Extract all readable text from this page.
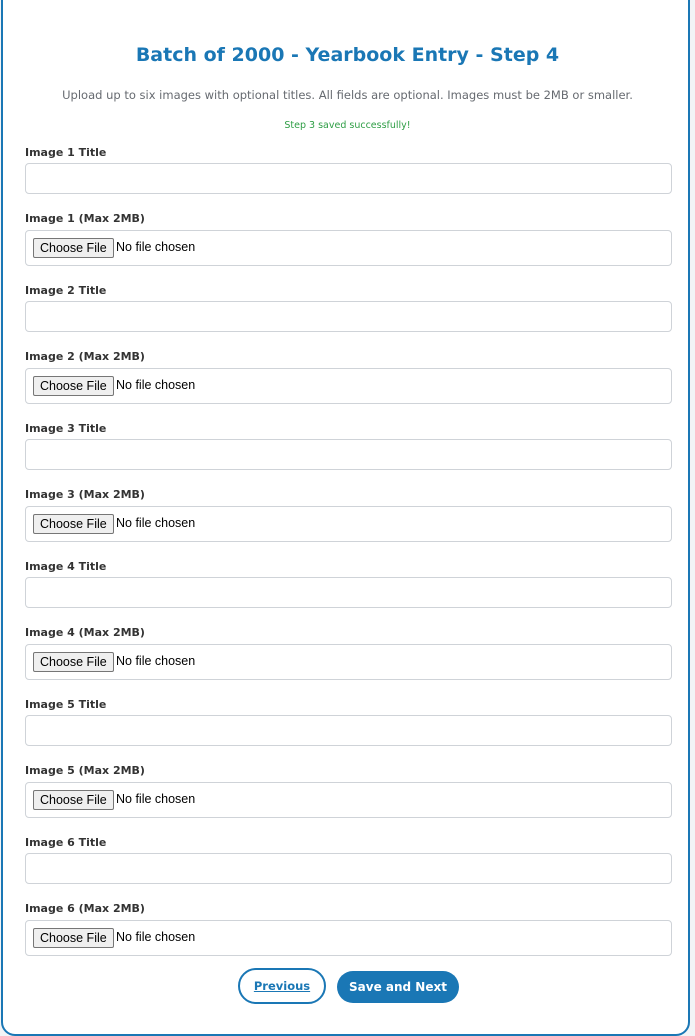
Batch of 2000 - Yearbook Entry - Step 4

Upload up to six images with optional titles. All fields are optional. Images must be 2MB or smaller.

Step 3 saved successfully!

Image 1 Title
Image 1 (Max 2MB)
Choose File No file chosen
Image 2 Title
Image 2 (Max 2MB)
Choose File No file chosen
Image 3 Title
Image 3 (Max 2MB)
Choose File No file chosen
Image 4 Title
Image 4 (Max 2MB)
Choose File No file chosen
Image 5 Title
Image 5 (Max 2MB)
Choose File No file chosen
Image 6 Title
Image 6 (Max 2MB)
Choose File No file chosen
Previous	Save and Next
